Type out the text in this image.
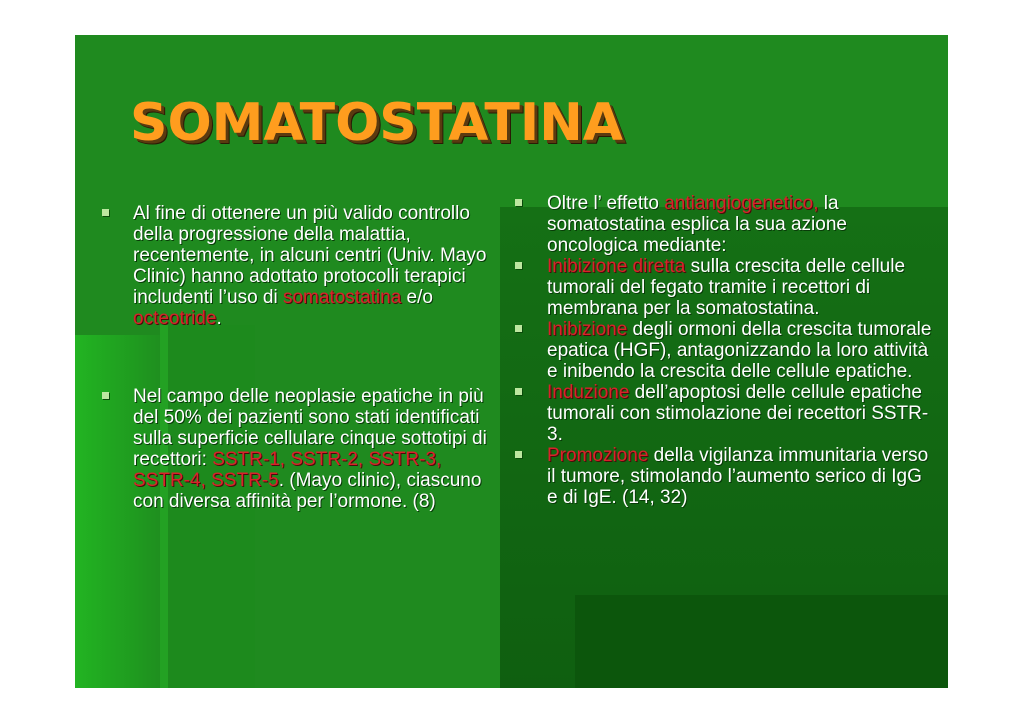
SOMATOSTATINA

Al fine di ottenere un più valido controllo della progressione della malattia, recentemente, in alcuni centri (Univ. Mayo Clinic) hanno adottato protocolli terapici includenti l’uso di somatostatina e/o octeotride.

Nel campo delle neoplasie epatiche in più del 50% dei pazienti sono stati identificati sulla superficie cellulare cinque sottotipi di recettori: SSTR-1, SSTR-2, SSTR-3, SSTR-4, SSTR-5. (Mayo clinic), ciascuno con diversa affinità per l’ormone. (8)

Oltre l’ effetto antiangiogenetico, la somatostatina esplica la sua azione oncologica mediante:

Inibizione diretta sulla crescita delle cellule tumorali del fegato tramite i recettori di membrana per la somatostatina.

Inibizione degli ormoni della crescita tumorale epatica (HGF), antagonizzando la loro attività e inibendo la crescita delle cellule epatiche.

Induzione dell’apoptosi delle cellule epatiche tumorali con stimolazione dei recettori SSTR-3.

Promozione della vigilanza immunitaria verso il tumore, stimolando l’aumento serico di IgG e di IgE. (14, 32)
